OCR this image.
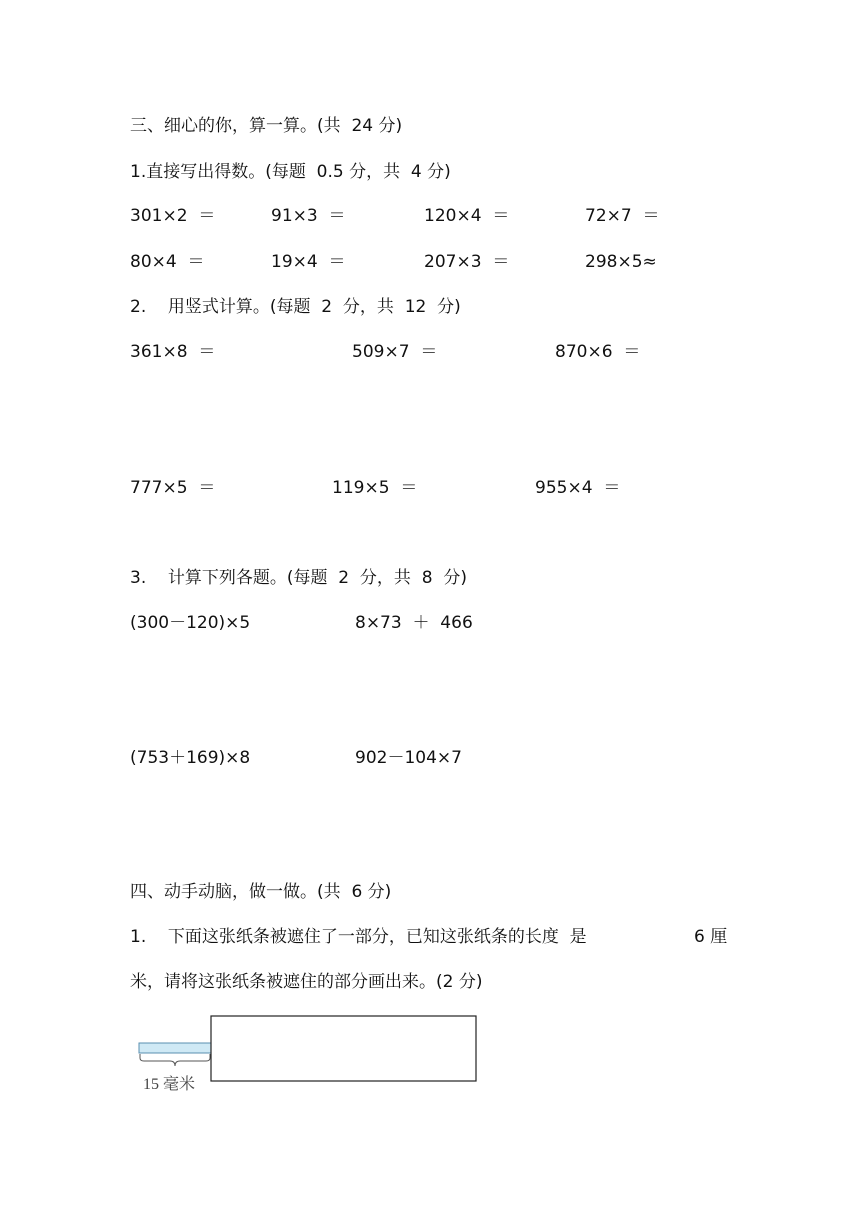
三、细心的你，算一算。(共  24 分)
1.直接写出得数。(每题  0.5 分，共  4 分)
301×2  ＝	91×3  ＝	120×4  ＝	72×7  ＝
80×4  ＝	19×4  ＝	207×3  ＝	298×5≈
2.    用竖式计算。(每题  2  分，共  12  分)
361×8  ＝	509×7  ＝	870×6  ＝
777×5  ＝	119×5  ＝	955×4  ＝
3.    计算下列各题。(每题  2  分，共  8  分)
(300－120)×5	8×73  ＋  466
(753＋169)×8	902－104×7
四、动手动脑，做一做。(共  6 分)
1.    下面这张纸条被遮住了一部分，已知这张纸条的长度  是	6 厘
米，请将这张纸条被遮住的部分画出来。(2 分)
15 毫米
